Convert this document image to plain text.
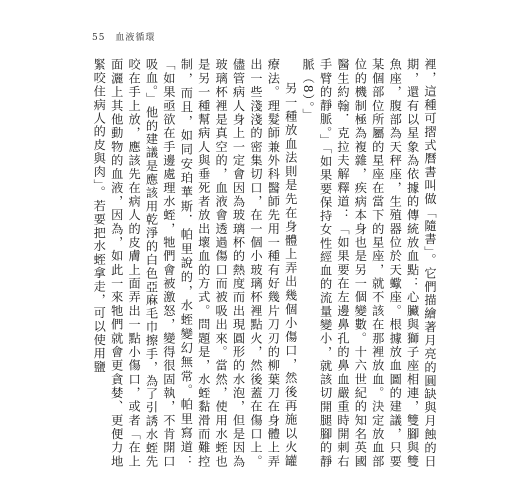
55 血液循環

裡，這種可摺式曆書叫做「隨書」。它們描繪著月亮的圓缺與月蝕的日期，還有以星象為依據的傳統放血點：心臟與獅子座相連，雙腳與雙魚座，腹部為天秤座，生殖器位於天蠍座。根據放血圖的建議，只要某個部位所屬的星座在當下的星座，就不該在那裡放血。決定放血部位的機制極為複雜，疾病本身也是另一個變數。十六世紀的知名英國醫生約翰．克拉夫解釋道：「如果要在左邊鼻孔的鼻血嚴重時開刺右手臂的靜脈。」「如果要保持女性經血的流量變小，就該切開腿腳的靜脈（8）。」

另一種放血法則是先在身體上弄出幾個小傷口，然後再施以火罐療法。理髮師兼外科醫師先用一種有好幾片刀刃的柳葉刀在身體上弄出一些淺淺的密集切口，在一個小玻璃杯裡點火，然後蓋在傷口上。儘管病人身上一定會因為玻璃杯的熱度而出現圓形的水泡，但是因為玻璃杯裡是真空的，血液會透過傷口而被吸出來。當然，使用水蛭也是另一種幫病人與垂死者放出壞血的方式。問題是，水蛭黏滑而難控制，而且，如同安珀華斯．帕里說的，水蛭變幻無常。帕里寫道：「如果亟欲在手邊處理水蛭，牠們會被激怒，變得很固執，不肯開口吸血。」他的建議是應該用乾淨的白色亞麻毛巾擦手，為了引誘水蛭先咬在手上放，應該先在病人的皮膚上面弄出一點小傷口，或者「在上面灑上其他動物的血液，因為，如此一來牠們就會更貪婪、更便力地緊咬住病人的皮與肉」。若要把水蛭拿走，可以使用鹽
